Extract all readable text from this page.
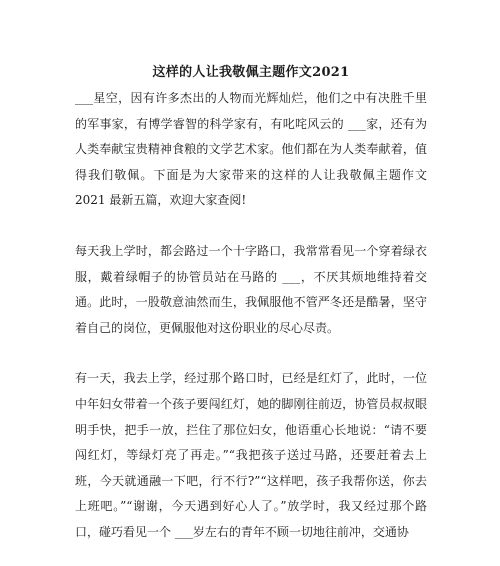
这样的人让我敬佩主题作文2021

___星空，因有许多杰出的人物而光辉灿烂，他们之中有决胜千里的军事家，有博学睿智的科学家有，有叱咤风云的 ___家，还有为人类奉献宝贵精神食粮的文学艺术家。他们都在为人类奉献着，值得我们敬佩。下面是为大家带来的这样的人让我敬佩主题作文 2021 最新五篇，欢迎大家查阅!

每天我上学时，都会路过一个十字路口，我常常看见一个穿着绿衣服，戴着绿帽子的协管员站在马路的 ___，不厌其烦地维持着交通。此时，一股敬意油然而生，我佩服他不管严冬还是酷暑，坚守着自己的岗位，更佩服他对这份职业的尽心尽责。

有一天，我去上学，经过那个路口时，已经是红灯了，此时，一位中年妇女带着一个孩子要闯红灯，她的脚刚往前迈，协管员叔叔眼明手快，把手一放，拦住了那位妇女，他语重心长地说：“请不要闯红灯，等绿灯亮了再走。”“我把孩子送过马路，还要赶着去上班，今天就通融一下吧，行不行?”“这样吧，孩子我帮你送，你去上班吧。”“谢谢，今天遇到好心人了。”放学时，我又经过那个路口，碰巧看见一个 ___岁左右的青年不顾一切地往前冲，交通协
